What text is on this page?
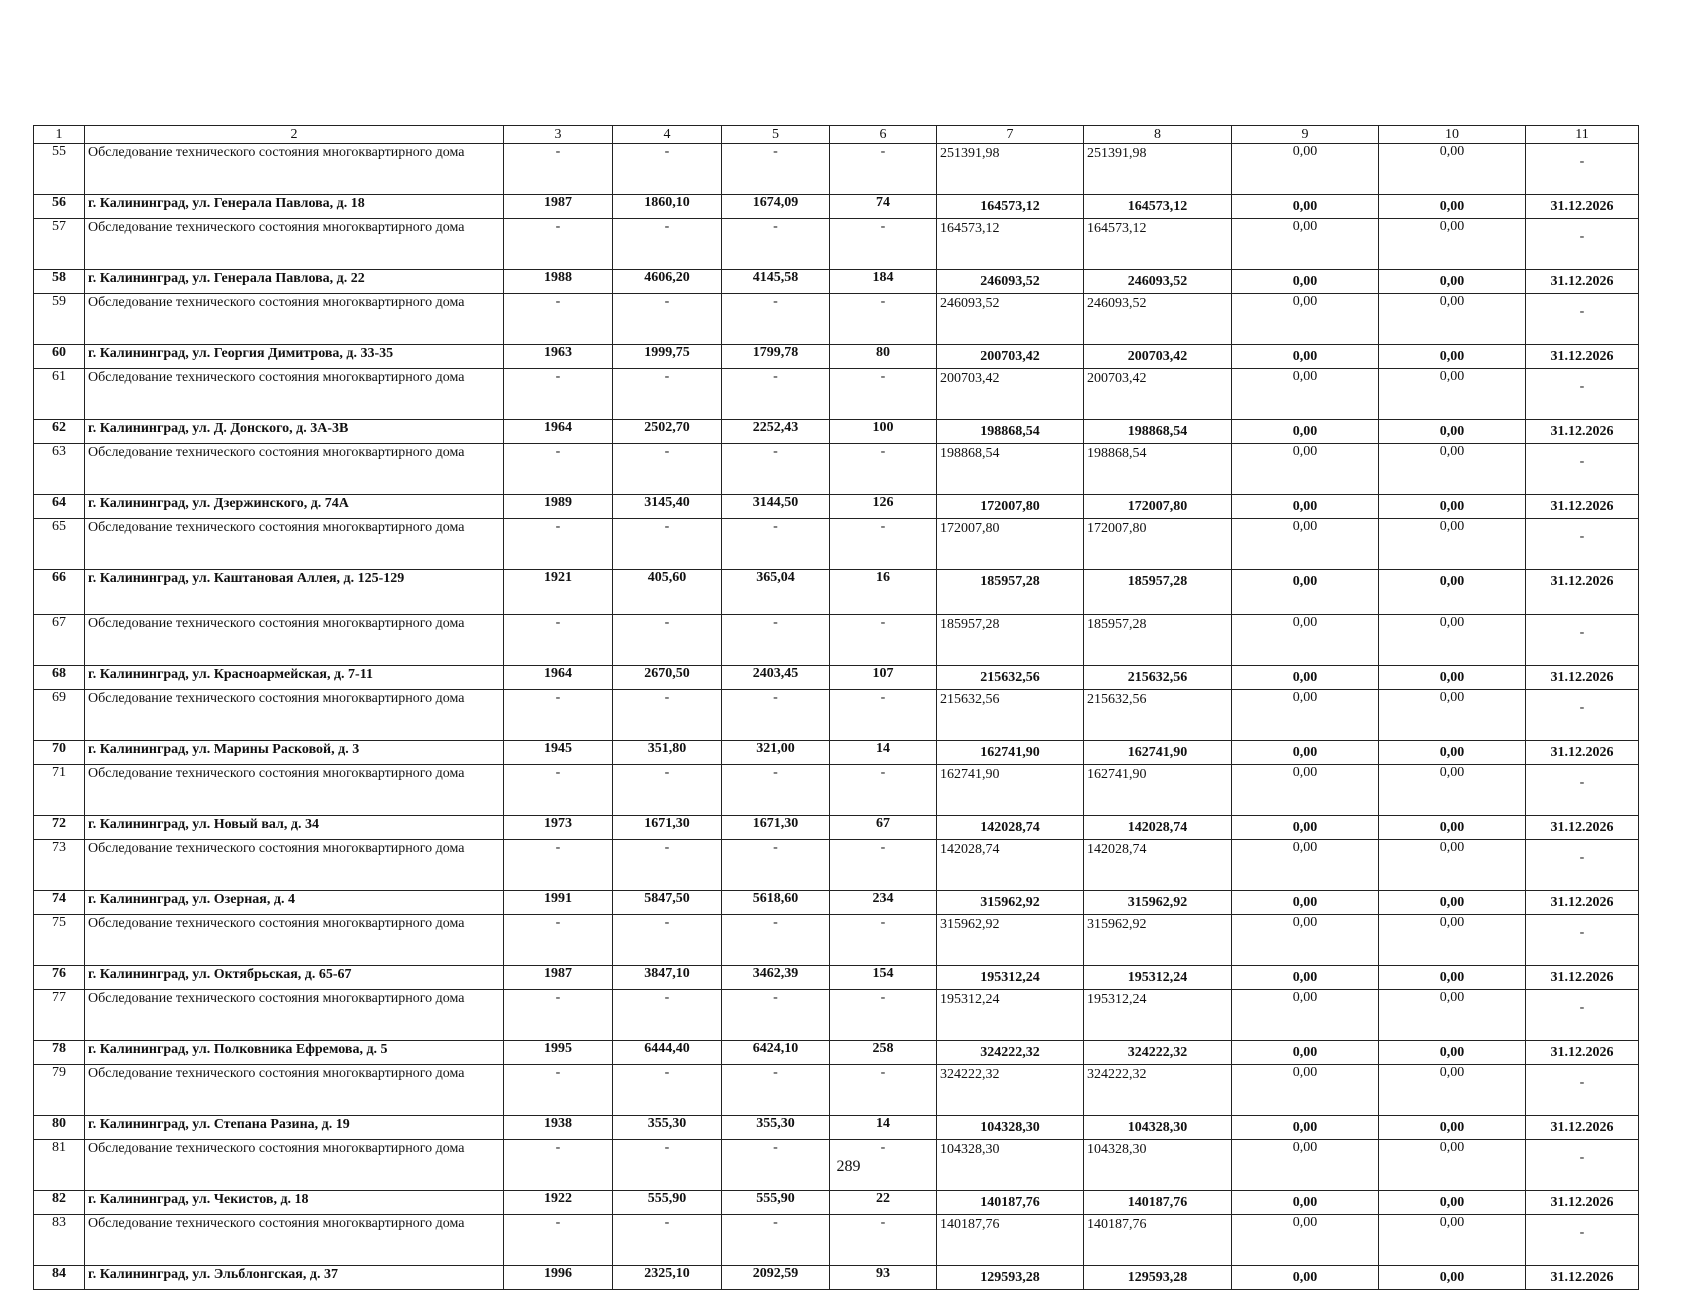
1	2	3	4	5	6	7	8	9	10	11
55	Обследование технического состояния многоквартирного дома	-	-	-	-	251391,98	251391,98	0,00	0,00	-
56	г. Калининград, ул. Генерала Павлова, д. 18	1987	1860,10	1674,09	74	164573,12	164573,12	0,00	0,00	31.12.2026
57	Обследование технического состояния многоквартирного дома	-	-	-	-	164573,12	164573,12	0,00	0,00	-
58	г. Калининград, ул. Генерала Павлова, д. 22	1988	4606,20	4145,58	184	246093,52	246093,52	0,00	0,00	31.12.2026
59	Обследование технического состояния многоквартирного дома	-	-	-	-	246093,52	246093,52	0,00	0,00	-
60	г. Калининград, ул. Георгия Димитрова, д. 33-35	1963	1999,75	1799,78	80	200703,42	200703,42	0,00	0,00	31.12.2026
61	Обследование технического состояния многоквартирного дома	-	-	-	-	200703,42	200703,42	0,00	0,00	-
62	г. Калининград, ул. Д. Донского, д. 3А-3В	1964	2502,70	2252,43	100	198868,54	198868,54	0,00	0,00	31.12.2026
63	Обследование технического состояния многоквартирного дома	-	-	-	-	198868,54	198868,54	0,00	0,00	-
64	г. Калининград, ул. Дзержинского, д. 74А	1989	3145,40	3144,50	126	172007,80	172007,80	0,00	0,00	31.12.2026
65	Обследование технического состояния многоквартирного дома	-	-	-	-	172007,80	172007,80	0,00	0,00	-
66	г. Калининград, ул. Каштановая Аллея, д. 125-129	1921	405,60	365,04	16	185957,28	185957,28	0,00	0,00	31.12.2026
67	Обследование технического состояния многоквартирного дома	-	-	-	-	185957,28	185957,28	0,00	0,00	-
68	г. Калининград, ул. Красноармейская, д. 7-11	1964	2670,50	2403,45	107	215632,56	215632,56	0,00	0,00	31.12.2026
69	Обследование технического состояния многоквартирного дома	-	-	-	-	215632,56	215632,56	0,00	0,00	-
70	г. Калининград, ул. Марины Расковой, д. 3	1945	351,80	321,00	14	162741,90	162741,90	0,00	0,00	31.12.2026
71	Обследование технического состояния многоквартирного дома	-	-	-	-	162741,90	162741,90	0,00	0,00	-
72	г. Калининград, ул. Новый вал, д. 34	1973	1671,30	1671,30	67	142028,74	142028,74	0,00	0,00	31.12.2026
73	Обследование технического состояния многоквартирного дома	-	-	-	-	142028,74	142028,74	0,00	0,00	-
74	г. Калининград, ул. Озерная, д. 4	1991	5847,50	5618,60	234	315962,92	315962,92	0,00	0,00	31.12.2026
75	Обследование технического состояния многоквартирного дома	-	-	-	-	315962,92	315962,92	0,00	0,00	-
76	г. Калининград, ул. Октябрьская, д. 65-67	1987	3847,10	3462,39	154	195312,24	195312,24	0,00	0,00	31.12.2026
77	Обследование технического состояния многоквартирного дома	-	-	-	-	195312,24	195312,24	0,00	0,00	-
78	г. Калининград, ул. Полковника Ефремова, д. 5	1995	6444,40	6424,10	258	324222,32	324222,32	0,00	0,00	31.12.2026
79	Обследование технического состояния многоквартирного дома	-	-	-	-	324222,32	324222,32	0,00	0,00	-
80	г. Калининград, ул. Степана Разина, д. 19	1938	355,30	355,30	14	104328,30	104328,30	0,00	0,00	31.12.2026
81	Обследование технического состояния многоквартирного дома	-	-	-	-	104328,30	104328,30	0,00	0,00	-
82	г. Калининград, ул. Чекистов, д. 18	1922	555,90	555,90	22	140187,76	140187,76	0,00	0,00	31.12.2026
83	Обследование технического состояния многоквартирного дома	-	-	-	-	140187,76	140187,76	0,00	0,00	-
84	г. Калининград, ул. Эльблонгская, д. 37	1996	2325,10	2092,59	93	129593,28	129593,28	0,00	0,00	31.12.2026
289
